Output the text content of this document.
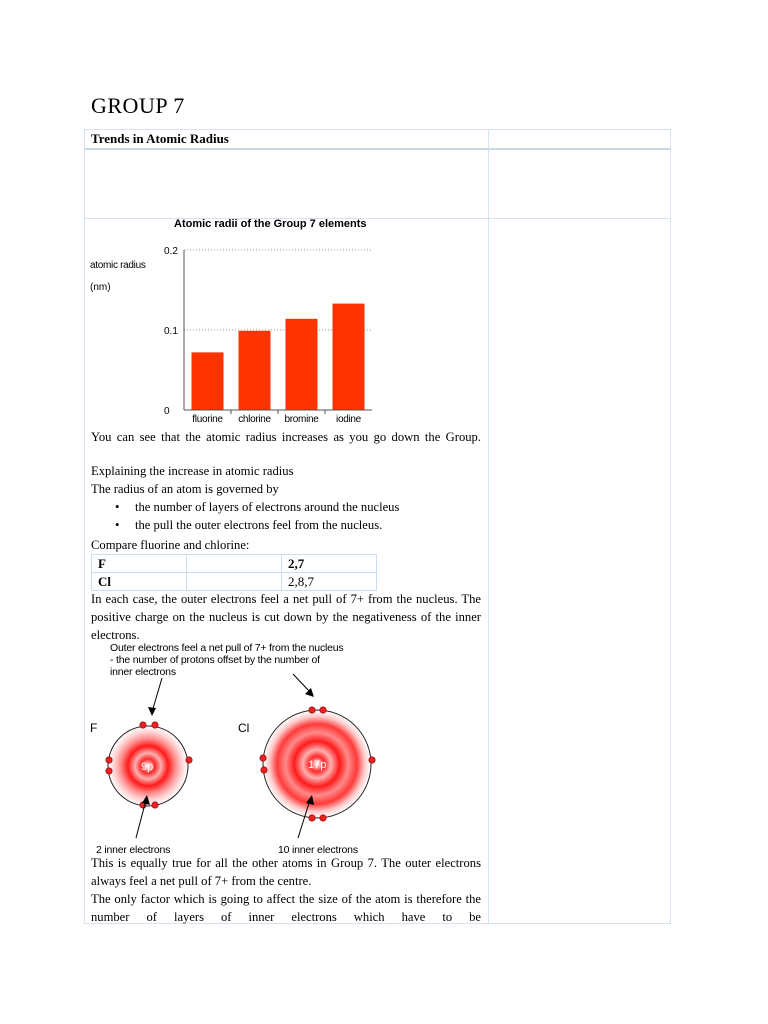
GROUP 7
Trends in Atomic Radius
Atomic radii of the Group 7 elements
atomic radius
(nm)
0
0.1
0.2
fluorine chlorine bromine iodine
You can see that the atomic radius increases as you go down the Group.
Explaining the increase in atomic radius
The radius of an atom is governed by
• the number of layers of electrons around the nucleus
• the pull the outer electrons feel from the nucleus.
Compare fluorine and chlorine:
F		2,7
Cl		2,8,7
In each case, the outer electrons feel a net pull of 7+ from the nucleus. The positive charge on the nucleus is cut down by the negativeness of the inner electrons.
Outer electrons feel a net pull of 7+ from the nucleus
- the number of protons offset by the number of
inner electrons
F	Cl
9p	17p
2 inner electrons	10 inner electrons
This is equally true for all the other atoms in Group 7. The outer electrons always feel a net pull of 7+ from the centre.
The only factor which is going to affect the size of the atom is therefore the number of layers of inner electrons which have to be
